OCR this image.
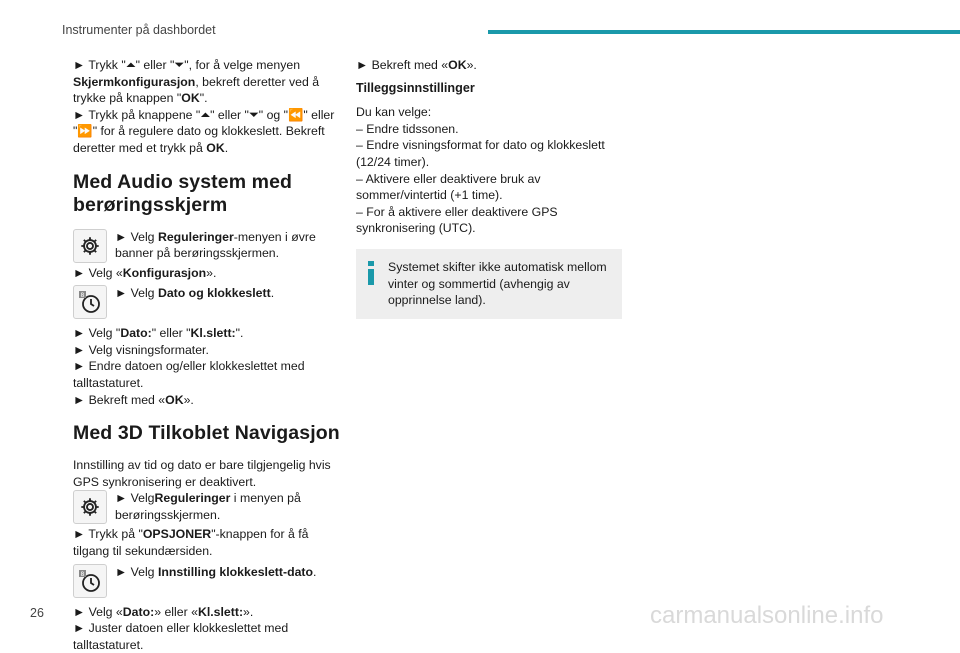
Instrumenter på dashbordet

► Trykk "⏶" eller "⏷", for å velge menyen Skjermkonfigurasjon, bekreft deretter ved å trykke på knappen "OK".

► Trykk på knappene "⏶" eller "⏷" og "⏪" eller "⏩" for å regulere dato og klokkeslett. Bekreft deretter med et trykk på OK.

Med Audio system med berøringsskjerm
► Velg Reguleringer-menyen i øvre banner på berøringsskjermen.

► Velg «Konfigurasjon».

8 ► Velg Dato og klokkeslett.

► Velg "Dato:" eller "Kl.slett:".

► Velg visningsformater.

► Endre datoen og/eller klokkeslettet med talltastaturet.

► Bekreft med «OK».

Med 3D Tilkoblet Navigasjon

Innstilling av tid og dato er bare tilgjengelig hvis GPS synkronisering er deaktivert.

► VelgReguleringer i menyen på berøringsskjermen.

► Trykk på "OPSJONER"-knappen for å få tilgang til sekundærsiden.

8 ► Velg Innstilling klokkeslett-dato.

► Velg «Dato:» eller «Kl.slett:».

► Juster datoen eller klokkeslettet med talltastaturet.

► Bekreft med «OK».

Tilleggsinnstillinger

Du kan velge:

– Endre tidssonen.

– Endre visningsformat for dato og klokkeslett (12/24 timer).

– Aktivere eller deaktivere bruk av sommer/vintertid (+1 time).

– For å aktivere eller deaktivere GPS synkronisering (UTC).

Systemet skifter ikke automatisk mellom vinter og sommertid (avhengig av opprinnelse land).
26	carmanualsonline.info
